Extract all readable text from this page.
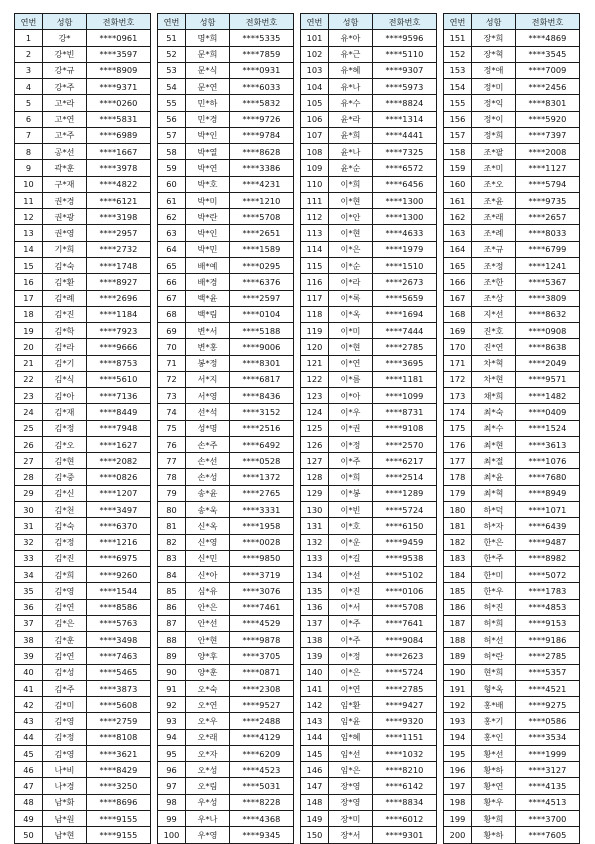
연번	성함	전화번호
1	강*	****0961
2	강*빈	****3597
3	강*규	****8909
4	강*주	****9371
5	고*라	****0260
6	고*연	****5831
7	고*주	****6989
8	공*선	****1667
9	곽*훈	****3978
10	구*재	****4822
11	권*경	****6121
12	권*광	****3198
13	권*영	****2957
14	기*희	****2732
15	김*숙	****1748
16	김*환	****8927
17	김*례	****2696
18	김*진	****1184
19	김*학	****7923
20	김*라	****9666
21	김*기	****8753
22	김*식	****5610
23	김*아	****7136
24	김*재	****8449
25	김*정	****7948
26	김*오	****1627
27	김*현	****2082
28	김*중	****0826
29	김*신	****1207
30	김*천	****3497
31	김*숙	****6370
32	김*정	****1216
33	김*진	****6975
34	김*희	****9260
35	김*영	****1544
36	김*연	****8586
37	김*은	****5763
38	김*훈	****3498
39	김*연	****7463
40	김*성	****5465
41	김*주	****3873
42	김*미	****5608
43	김*영	****2759
44	김*정	****8108
45	김*영	****3621
46	나*비	****8429
47	나*경	****3250
48	남*화	****8696
49	남*원	****9155
50	남*현	****9155
연번	성함	전화번호
51	명*희	****5335
52	문*희	****7859
53	문*식	****0931
54	문*연	****6033
55	민*하	****5832
56	민*경	****9726
57	박*인	****9784
58	박*열	****8628
59	박*연	****3386
60	박*호	****4231
61	박*미	****1210
62	박*란	****5708
63	박*인	****2651
64	박*민	****1589
65	배*예	****0295
66	배*경	****6376
67	백*윤	****2597
68	백*림	****0104
69	변*서	****5188
70	변*홍	****9006
71	봉*정	****8301
72	서*지	****6817
73	서*영	****8436
74	선*석	****3152
75	성*명	****2516
76	손*주	****6492
77	손*선	****0528
78	손*성	****1372
79	송*윤	****2765
80	송*욱	****3331
81	신*옥	****1958
82	신*영	****0028
83	신*민	****9850
84	신*아	****3719
85	심*유	****3076
86	안*은	****7461
87	안*선	****4529
88	안*현	****9878
89	양*후	****3705
90	양*훈	****0871
91	오*숙	****2308
92	오*연	****9527
93	오*우	****2488
94	오*래	****4129
95	오*자	****6209
96	오*성	****4523
97	오*림	****5031
98	우*성	****8228
99	우*나	****4368
100	우*영	****9345
연번	성함	전화번호
101	유*아	****9596
102	유*근	****5110
103	유*혜	****9307
104	유*나	****5973
105	유*수	****8824
106	윤*라	****1314
107	윤*희	****4441
108	윤*나	****7325
109	윤*순	****6572
110	이*희	****6456
111	이*현	****1300
112	이*안	****1300
113	이*현	****4633
114	이*은	****1979
115	이*순	****1510
116	이*라	****2673
117	이*록	****5659
118	이*옥	****1694
119	이*미	****7444
120	이*현	****2785
121	이*연	****3695
122	이*름	****1181
123	이*아	****1099
124	이*우	****8731
125	이*권	****9108
126	이*정	****2570
127	이*주	****6217
128	이*희	****2514
129	이*봉	****1289
130	이*빈	****5724
131	이*호	****6150
132	이*운	****9459
133	이*길	****9538
134	이*선	****5102
135	이*진	****0106
136	이*서	****5708
137	이*주	****7641
138	이*주	****9084
139	이*정	****2623
140	이*은	****5724
141	이*연	****2785
142	임*환	****9427
143	임*윤	****9320
144	임*혜	****1151
145	임*선	****1032
146	임*은	****8210
147	장*영	****6142
148	장*영	****8834
149	장*미	****6012
150	장*서	****9301
연번	성함	전화번호
151	장*희	****4869
152	장*혁	****3545
153	정*애	****7009
154	정*미	****2456
155	정*익	****8301
156	정*이	****5920
157	정*희	****7397
158	조*팔	****2008
159	조*미	****1127
160	조*오	****5794
161	조*윤	****9735
162	조*래	****2657
163	조*례	****8033
164	조*규	****6799
165	조*정	****1241
166	조*한	****5367
167	조*상	****3809
168	지*선	****8632
169	진*호	****0908
170	진*연	****8638
171	차*혁	****2049
172	차*현	****9571
173	채*희	****1482
174	최*숙	****0409
175	최*수	****1524
176	최*현	****3613
177	최*절	****1076
178	최*윤	****7680
179	최*혁	****8949
180	하*덕	****1071
181	하*자	****6439
182	한*은	****9487
183	한*주	****8982
184	한*미	****5072
185	한*우	****1783
186	허*진	****4853
187	허*희	****9153
188	허*선	****9186
189	허*란	****2785
190	현*희	****5357
191	형*옥	****4521
192	홍*배	****9275
193	홍*기	****0586
194	홍*인	****3534
195	황*선	****1999
196	황*하	****3127
197	황*연	****4135
198	황*우	****4513
199	황*희	****3700
200	황*하	****7605
